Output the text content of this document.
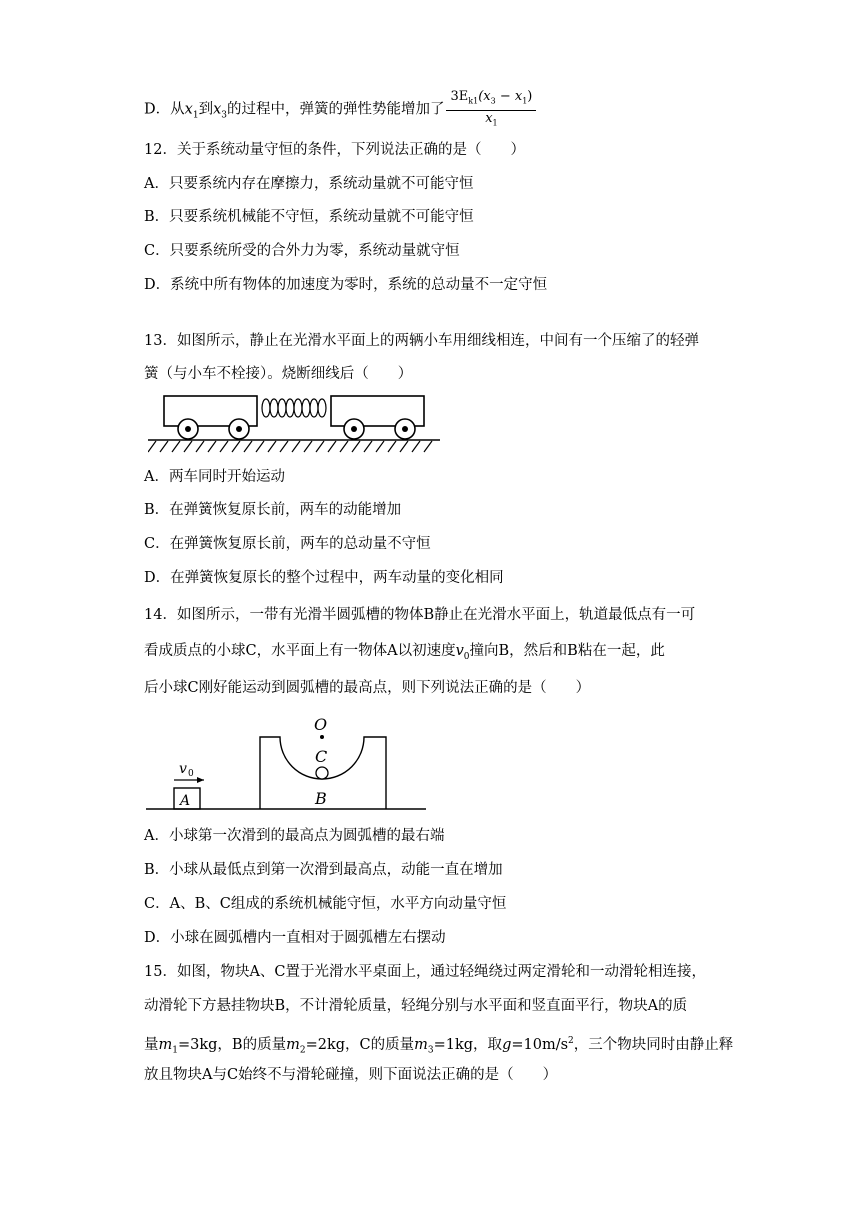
D．从$x_1$到$x_3$的过程中，弹簧的弹性势能增加了 $\frac{3E_{k1}(x_3 - x_1)}{x_1}$
12．关于系统动量守恒的条件，下列说法正确的是（　　）
A．只要系统内存在摩擦力，系统动量就不可能守恒
B．只要系统机械能不守恒，系统动量就不可能守恒
C．只要系统所受的合外力为零，系统动量就守恒
D．系统中所有物体的加速度为零时，系统的总动量不一定守恒
13．如图所示，静止在光滑水平面上的两辆小车用细线相连，中间有一个压缩了的轻弹
簧（与小车不栓接）。烧断细线后（　　）
A．两车同时开始运动
B．在弹簧恢复原长前，两车的动能增加
C．在弹簧恢复原长前，两车的总动量不守恒
D．在弹簧恢复原长的整个过程中，两车动量的变化相同
14．如图所示，一带有光滑半圆弧槽的物体B静止在光滑水平面上，轨道最低点有一可
看成质点的小球C，水平面上有一物体A以初速度$v_0$撞向B，然后和B粘在一起，此
后小球C刚好能运动到圆弧槽的最高点，则下列说法正确的是（　　）
A
v 0
O
C
B
A．小球第一次滑到的最高点为圆弧槽的最右端
B．小球从最低点到第一次滑到最高点，动能一直在增加
C．A、B、C组成的系统机械能守恒，水平方向动量守恒
D．小球在圆弧槽内一直相对于圆弧槽左右摆动
15．如图，物块A、C置于光滑水平桌面上，通过轻绳绕过两定滑轮和一动滑轮相连接，
动滑轮下方悬挂物块B，不计滑轮质量，轻绳分别与水平面和竖直面平行，物块A的质
量$m_1=3kg$，B的质量$m_2=2kg$，C的质量$m_3=1kg$，取$g=10m/s^2$，三个物块同时由静止释
放且物块A与C始终不与滑轮碰撞，则下面说法正确的是（　　）
